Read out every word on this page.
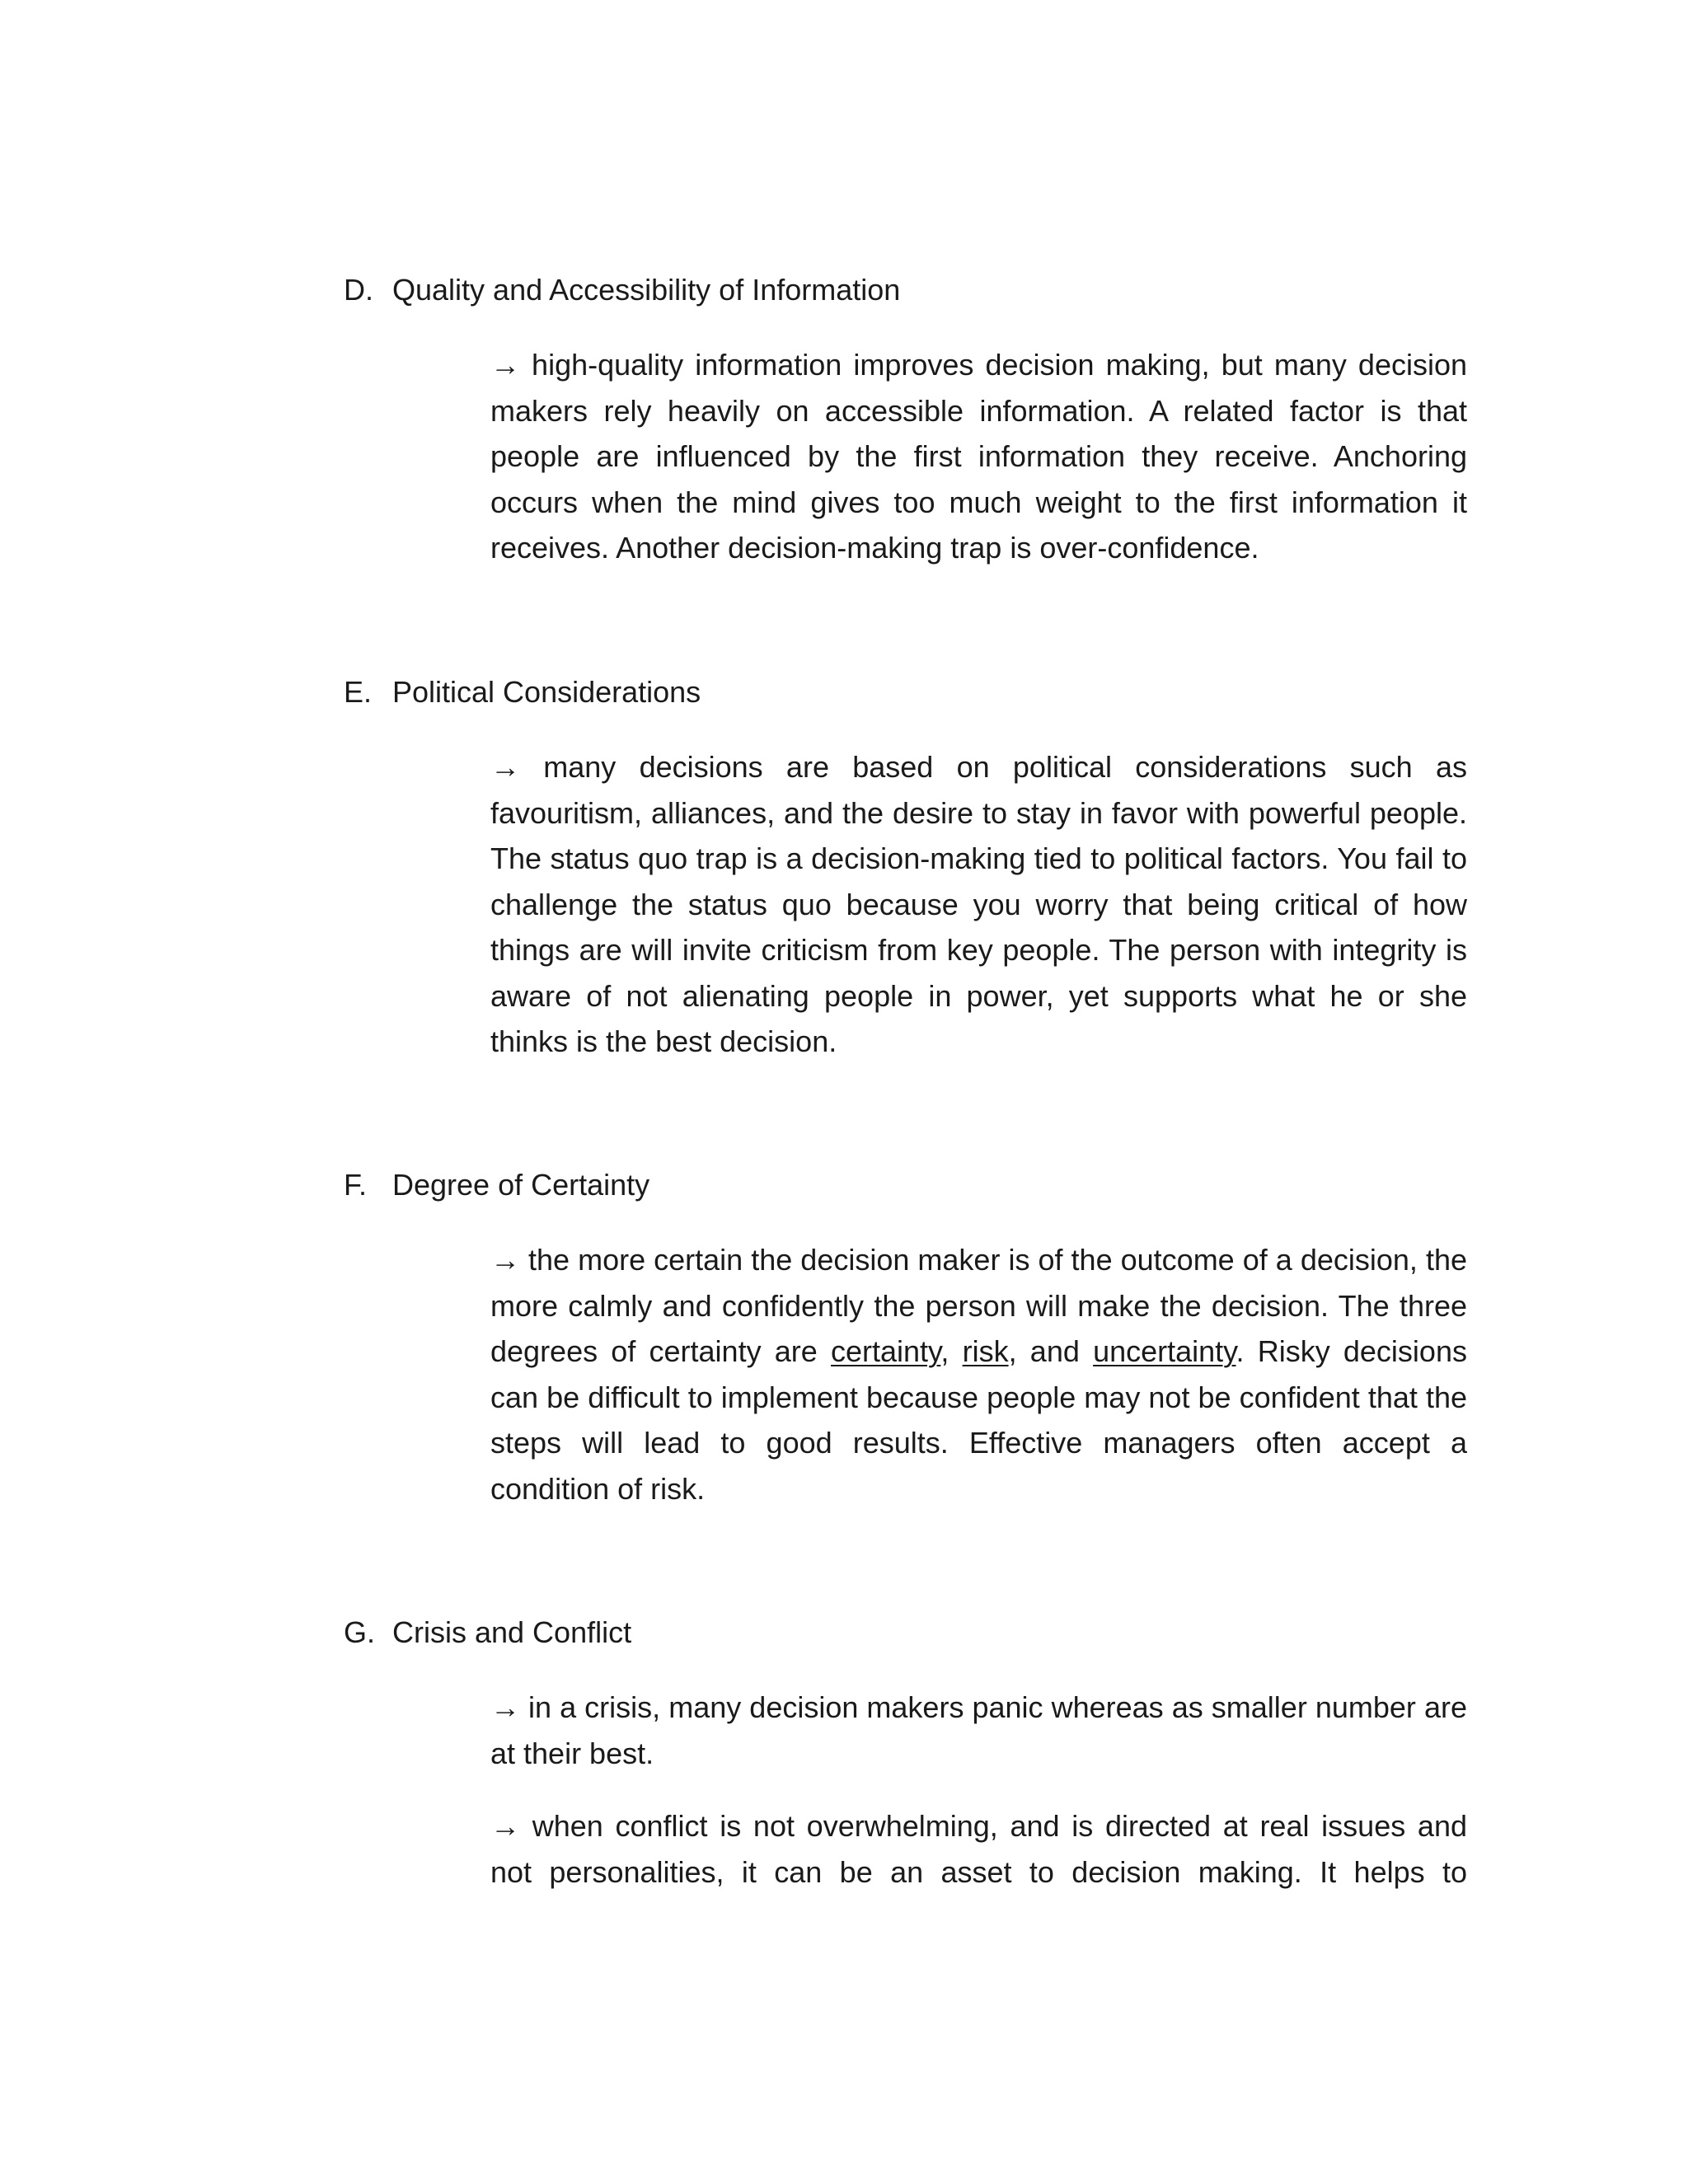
D. Quality and Accessibility of Information

→ high-quality information improves decision making, but many decision makers rely heavily on accessible information. A related factor is that people are influenced by the first information they receive. Anchoring occurs when the mind gives too much weight to the first information it receives. Another decision-making trap is over-confidence.

E. Political Considerations

→ many decisions are based on political considerations such as favouritism, alliances, and the desire to stay in favor with powerful people. The status quo trap is a decision-making tied to political factors. You fail to challenge the status quo because you worry that being critical of how things are will invite criticism from key people. The person with integrity is aware of not alienating people in power, yet supports what he or she thinks is the best decision.

F. Degree of Certainty

→ the more certain the decision maker is of the outcome of a decision, the more calmly and confidently the person will make the decision. The three degrees of certainty are certainty, risk, and uncertainty. Risky decisions can be difficult to implement because people may not be confident that the steps will lead to good results. Effective managers often accept a condition of risk.

G. Crisis and Conflict

→ in a crisis, many decision makers panic whereas as smaller number are at their best.

→ when conflict is not overwhelming, and is directed at real issues and not personalities, it can be an asset to decision making. It helps to
